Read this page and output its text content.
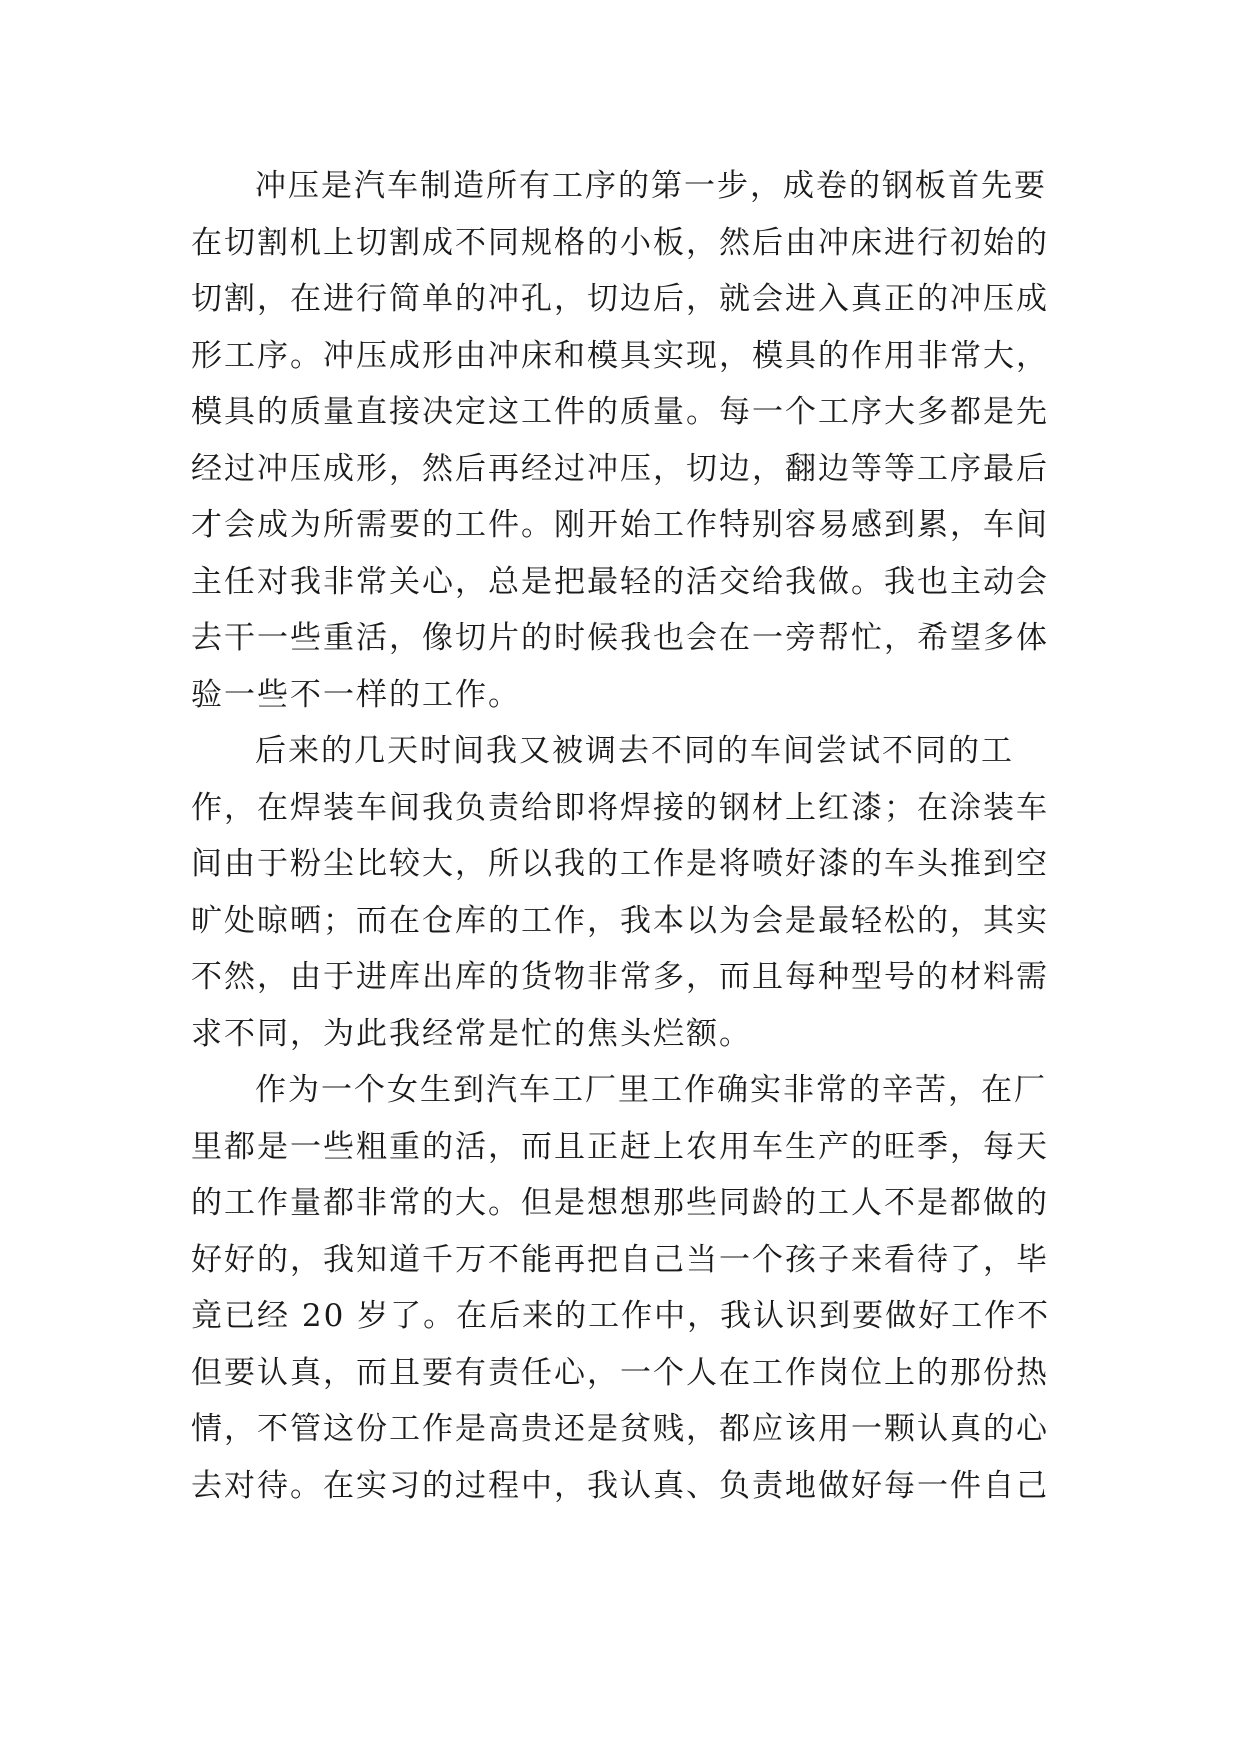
冲压是汽车制造所有工序的第一步，成卷的钢板首先要
在切割机上切割成不同规格的小板，然后由冲床进行初始的
切割，在进行简单的冲孔，切边后，就会进入真正的冲压成
形工序。冲压成形由冲床和模具实现，模具的作用非常大，
模具的质量直接决定这工件的质量。每一个工序大多都是先
经过冲压成形，然后再经过冲压，切边，翻边等等工序最后
才会成为所需要的工件。刚开始工作特别容易感到累，车间
主任对我非常关心，总是把最轻的活交给我做。我也主动会
去干一些重活，像切片的时候我也会在一旁帮忙，希望多体
验一些不一样的工作。
后来的几天时间我又被调去不同的车间尝试不同的工
作，在焊装车间我负责给即将焊接的钢材上红漆；在涂装车
间由于粉尘比较大，所以我的工作是将喷好漆的车头推到空
旷处晾晒；而在仓库的工作，我本以为会是最轻松的，其实
不然，由于进库出库的货物非常多，而且每种型号的材料需
求不同，为此我经常是忙的焦头烂额。
作为一个女生到汽车工厂里工作确实非常的辛苦，在厂
里都是一些粗重的活，而且正赶上农用车生产的旺季，每天
的工作量都非常的大。但是想想那些同龄的工人不是都做的
好好的，我知道千万不能再把自己当一个孩子来看待了，毕
竟已经 20 岁了。在后来的工作中，我认识到要做好工作不
但要认真，而且要有责任心，一个人在工作岗位上的那份热
情，不管这份工作是高贵还是贫贱，都应该用一颗认真的心
去对待。在实习的过程中，我认真、负责地做好每一件自己
